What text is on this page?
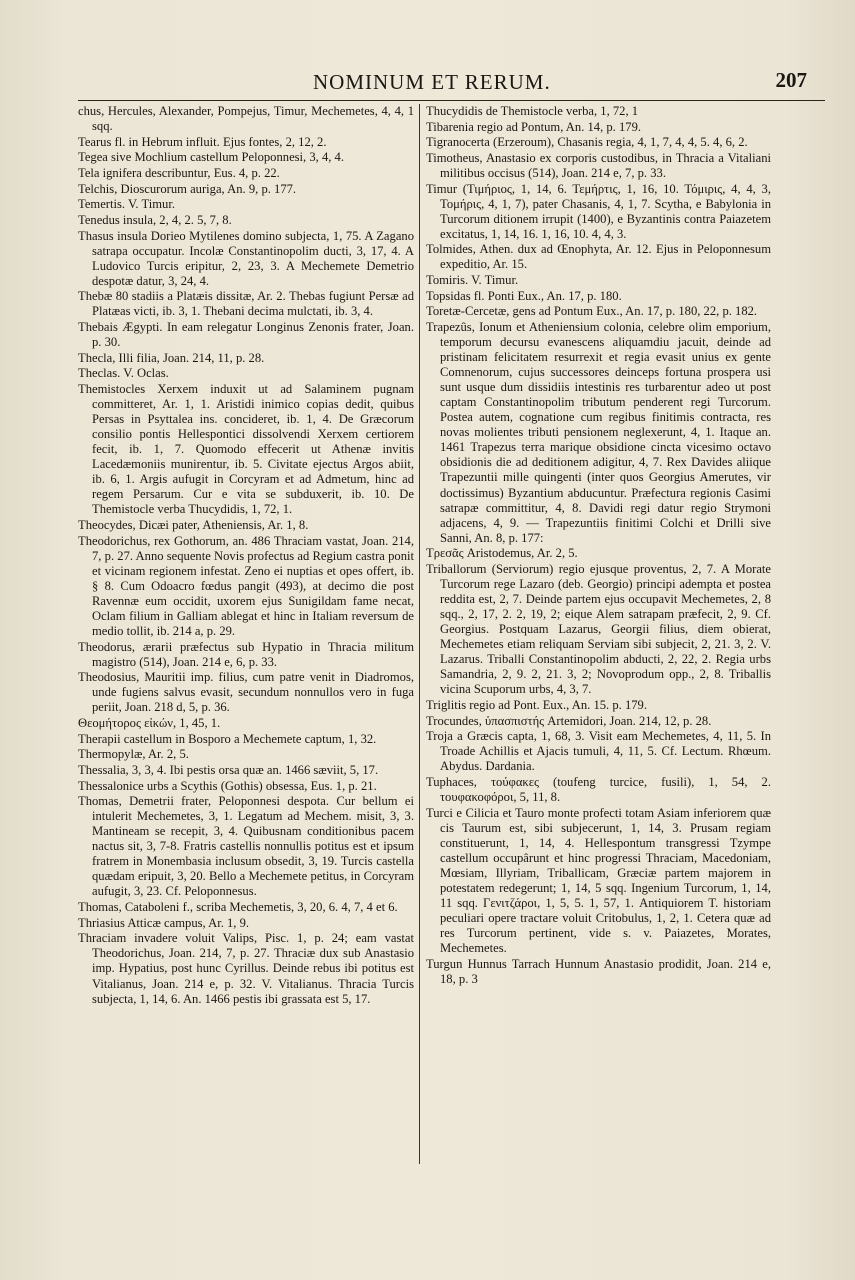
NOMINUM ET RERUM.	207

chus, Hercules, Alexander, Pompejus, Timur, Mechemetes, 4, 4, 1 sqq.

Tearus fl. in Hebrum influit. Ejus fontes, 2, 12, 2.

Tegea sive Mochlium castellum Peloponnesi, 3, 4, 4.

Tela ignifera describuntur, Eus. 4, p. 22.

Telchis, Dioscurorum auriga, An. 9, p. 177.

Temertis. V. Timur.

Tenedus insula, 2, 4, 2. 5, 7, 8.

Thasus insula Dorieo Mytilenes domino subjecta, 1, 75. A Zagano satrapa occupatur. Incolæ Constantinopolim ducti, 3, 17, 4. A Ludovico Turcis eripitur, 2, 23, 3. A Mechemete Demetrio despotæ datur, 3, 24, 4.

Thebæ 80 stadiis a Platæis dissitæ, Ar. 2. Thebas fugiunt Persæ ad Platæas victi, ib. 3, 1. Thebani decima mulctati, ib. 3, 4.

Thebais Ægypti. In eam relegatur Longinus Zenonis frater, Joan. p. 30.

Thecla, Illi filia, Joan. 214, 11, p. 28.

Theclas. V. Oclas.

Themistocles Xerxem induxit ut ad Salaminem pugnam committeret, Ar. 1, 1. Aristidi inimico copias dedit, quibus Persas in Psyttalea ins. concideret, ib. 1, 4. De Græcorum consilio pontis Hellespontici dissolvendi Xerxem certiorem fecit, ib. 1, 7. Quomodo effecerit ut Athenæ invitis Lacedæmoniis munirentur, ib. 5. Civitate ejectus Argos abiit, ib. 6, 1. Argis aufugit in Corcyram et ad Admetum, hinc ad regem Persarum. Cur e vita se subduxerit, ib. 10. De Themistocle verba Thucydidis, 1, 72, 1.

Theocydes, Dicæi pater, Atheniensis, Ar. 1, 8.

Theodorichus, rex Gothorum, an. 486 Thraciam vastat, Joan. 214, 7, p. 27. Anno sequente Novis profectus ad Regium castra ponit et vicinam regionem infestat. Zeno ei nuptias et opes offert, ib. § 8. Cum Odoacro fœdus pangit (493), at decimo die post Ravennæ eum occidit, uxorem ejus Sunigildam fame necat, Oclam filium in Galliam ablegat et hinc in Italiam reversum de medio tollit, ib. 214 a, p. 29.

Theodorus, ærarii præfectus sub Hypatio in Thracia militum magistro (514), Joan. 214 e, 6, p. 33.

Theodosius, Mauritii imp. filius, cum patre venit in Diadromos, unde fugiens salvus evasit, secundum nonnullos vero in fuga periit, Joan. 218 d, 5, p. 36.

Θεομήτορος εἰκών, 1, 45, 1.

Therapii castellum in Bosporo a Mechemete captum, 1, 32.

Thermopylæ, Ar. 2, 5.

Thessalia, 3, 3, 4. Ibi pestis orsa quæ an. 1466 sæviit, 5, 17.

Thessalonice urbs a Scythis (Gothis) obsessa, Eus. 1, p. 21.

Thomas, Demetrii frater, Peloponnesi despota. Cur bellum ei intulerit Mechemetes, 3, 1. Legatum ad Mechem. misit, 3, 3. Mantineam se recepit, 3, 4. Quibusnam conditionibus pacem nactus sit, 3, 7-8. Fratris castellis nonnullis potitus est et ipsum fratrem in Monembasia inclusum obsedit, 3, 19. Turcis castella quædam eripuit, 3, 20. Bello a Mechemete petitus, in Corcyram aufugit, 3, 23. Cf. Peloponnesus.

Thomas, Cataboleni f., scriba Mechemetis, 3, 20, 6. 4, 7, 4 et 6.

Thriasius Atticæ campus, Ar. 1, 9.

Thraciam invadere voluit Valips, Pisc. 1, p. 24; eam vastat Theodorichus, Joan. 214, 7, p. 27. Thraciæ dux sub Anastasio imp. Hypatius, post hunc Cyrillus. Deinde rebus ibi potitus est Vitalianus, Joan. 214 e, p. 32. V. Vitalianus. Thracia Turcis subjecta, 1, 14, 6. An. 1466 pestis ibi grassata est 5, 17.

Thucydidis de Themistocle verba, 1, 72, 1

Tibarenia regio ad Pontum, An. 14, p. 179.

Tigranocerta (Erzeroum), Chasanis regia, 4, 1, 7, 4, 4, 5. 4, 6, 2.

Timotheus, Anastasio ex corporis custodibus, in Thracia a Vitaliani militibus occisus (514), Joan. 214 e, 7, p. 33.

Timur (Τιμήριος, 1, 14, 6. Τεμήρτις, 1, 16, 10. Τόμιρις, 4, 4, 3, Τομήρις, 4, 1, 7), pater Chasanis, 4, 1, 7. Scytha, e Babylonia in Turcorum ditionem irrupit (1400), e Byzantinis contra Paiazetem excitatus, 1, 14, 16. 1, 16, 10. 4, 4, 3.

Tolmides, Athen. dux ad Œnophyta, Ar. 12. Ejus in Peloponnesum expeditio, Ar. 15.

Tomiris. V. Timur.

Topsidas fl. Ponti Eux., An. 17, p. 180.

Toretæ-Cercetæ, gens ad Pontum Eux., An. 17, p. 180, 22, p. 182.

Trapezûs, Ionum et Atheniensium colonia, celebre olim emporium, temporum decursu evanescens aliquamdiu jacuit, deinde ad pristinam felicitatem resurrexit et regia evasit unius ex gente Comnenorum, cujus successores deinceps fortuna prospera usi sunt usque dum dissidiis intestinis res turbarentur adeo ut post captam Constantinopolim tributum penderent regi Turcorum. Postea autem, cognatione cum regibus finitimis contracta, res novas molientes tributi pensionem neglexerunt, 4, 1. Itaque an. 1461 Trapezus terra marique obsidione cincta vicesimo octavo obsidionis die ad deditionem adigitur, 4, 7. Rex Davides aliique Trapezuntii mille quingenti (inter quos Georgius Amerutes, vir doctissimus) Byzantium abducuntur. Præfectura regionis Casimi satrapæ committitur, 4, 8. Davidi regi datur regio Strymoni adjacens, 4, 9. — Trapezuntiis finitimi Colchi et Drilli sive Sanni, An. 8, p. 177:

Τρεσᾶς Aristodemus, Ar. 2, 5.

Triballorum (Serviorum) regio ejusque proventus, 2, 7. A Morate Turcorum rege Lazaro (deb. Georgio) principi adempta et postea reddita est, 2, 7. Deinde partem ejus occupavit Mechemetes, 2, 8 sqq., 2, 17, 2. 2, 19, 2; eique Alem satrapam præfecit, 2, 9. Cf. Georgius. Postquam Lazarus, Georgii filius, diem obierat, Mechemetes etiam reliquam Serviam sibi subjecit, 2, 21. 3, 2. V. Lazarus. Triballi Constantinopolim abducti, 2, 22, 2. Regia urbs Samandria, 2, 9. 2, 21. 3, 2; Novoprodum opp., 2, 8. Triballis vicina Scuporum urbs, 4, 3, 7.

Triglitis regio ad Pont. Eux., An. 15. p. 179.

Trocundes, ὑπασπιστής Artemidori, Joan. 214, 12, p. 28.

Troja a Græcis capta, 1, 68, 3. Visit eam Mechemetes, 4, 11, 5. In Troade Achillis et Ajacis tumuli, 4, 11, 5. Cf. Lectum. Rhœum. Abydus. Dardania.

Tuphaces, τούφακες (toufeng turcice, fusili), 1, 54, 2. τουφακοφόροι, 5, 11, 8.

Turci e Cilicia et Tauro monte profecti totam Asiam inferiorem quæ cis Taurum est, sibi subjecerunt, 1, 14, 3. Prusam regiam constituerunt, 1, 14, 4. Hellespontum transgressi Tzympe castellum occupârunt et hinc progressi Thraciam, Macedoniam, Mœsiam, Illyriam, Triballicam, Græciæ partem majorem in potestatem redegerunt; 1, 14, 5 sqq. Ingenium Turcorum, 1, 14, 11 sqq. Γενιτζάροι, 1, 5, 5. 1, 57, 1. Antiquiorem T. historiam peculiari opere tractare voluit Critobulus, 1, 2, 1. Cetera quæ ad res Turcorum pertinent, vide s. v. Paiazetes, Morates, Mechemetes.

Turgun Hunnus Tarrach Hunnum Anastasio prodidit, Joan. 214 e, 18, p. 3
